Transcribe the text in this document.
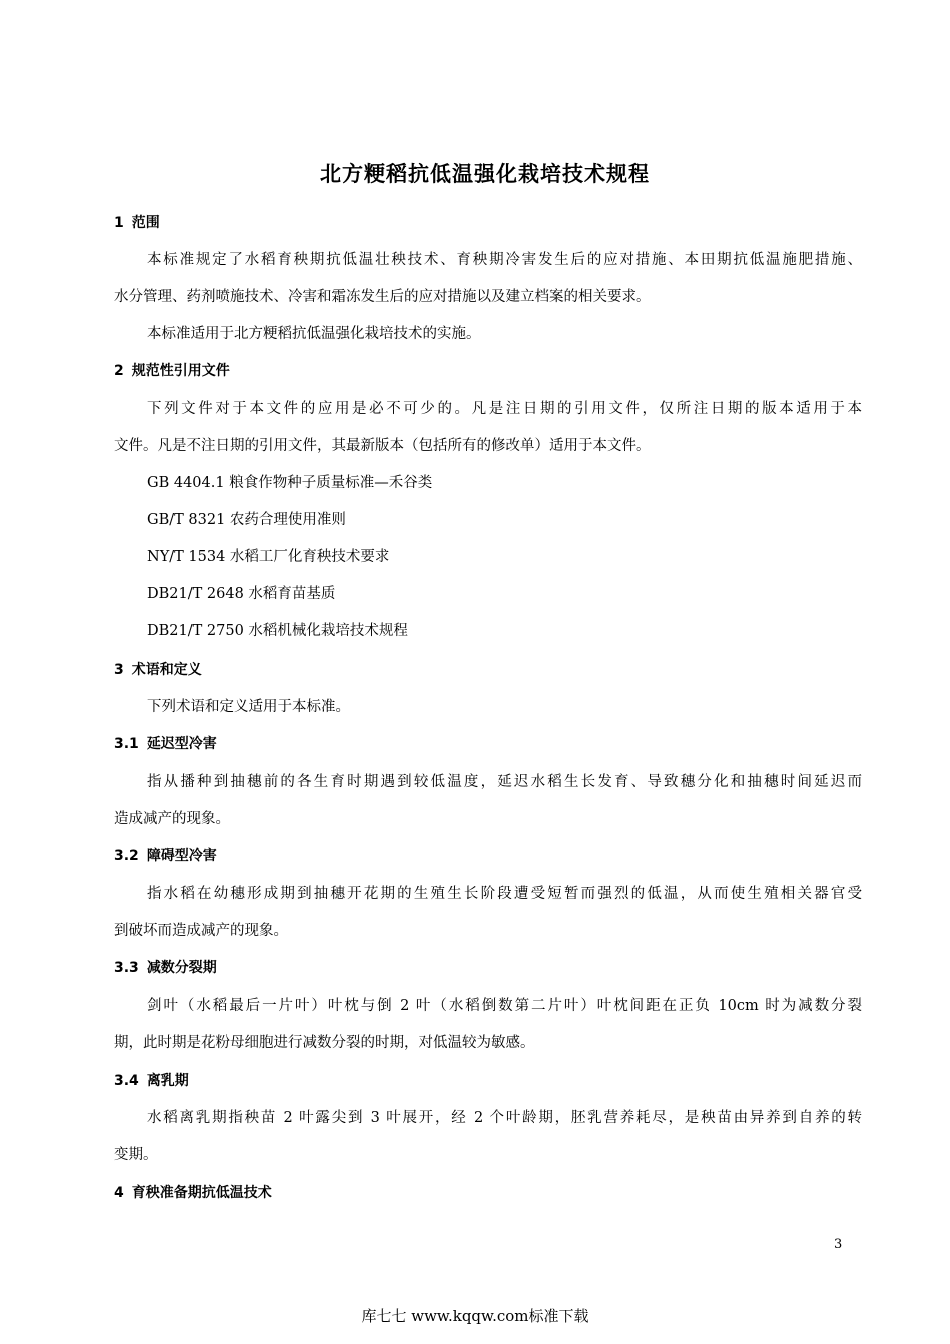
北方粳稻抗低温强化栽培技术规程
1 范围
本标准规定了水稻育秧期抗低温壮秧技术、育秧期冷害发生后的应对措施、本田期抗低温施肥措施、
水分管理、药剂喷施技术、冷害和霜冻发生后的应对措施以及建立档案的相关要求。
本标准适用于北方粳稻抗低温强化栽培技术的实施。
2 规范性引用文件
下列文件对于本文件的应用是必不可少的。凡是注日期的引用文件，仅所注日期的版本适用于本
文件。凡是不注日期的引用文件，其最新版本（包括所有的修改单）适用于本文件。
GB 4404.1 粮食作物种子质量标准—禾谷类
GB/T 8321 农药合理使用准则
NY/T 1534 水稻工厂化育秧技术要求
DB21/T 2648 水稻育苗基质
DB21/T 2750 水稻机械化栽培技术规程
3 术语和定义
下列术语和定义适用于本标准。
3.1 延迟型冷害
指从播种到抽穗前的各生育时期遇到较低温度，延迟水稻生长发育、导致穗分化和抽穗时间延迟而
造成减产的现象。
3.2 障碍型冷害
指水稻在幼穗形成期到抽穗开花期的生殖生长阶段遭受短暂而强烈的低温，从而使生殖相关器官受
到破坏而造成减产的现象。
3.3 减数分裂期
剑叶（水稻最后一片叶）叶枕与倒 2 叶（水稻倒数第二片叶）叶枕间距在正负 10cm 时为减数分裂
期，此时期是花粉母细胞进行减数分裂的时期，对低温较为敏感。
3.4 离乳期
水稻离乳期指秧苗 2 叶露尖到 3 叶展开，经 2 个叶龄期，胚乳营养耗尽，是秧苗由异养到自养的转
变期。
4 育秧准备期抗低温技术
3
库七七 www.kqqw.com标准下载
